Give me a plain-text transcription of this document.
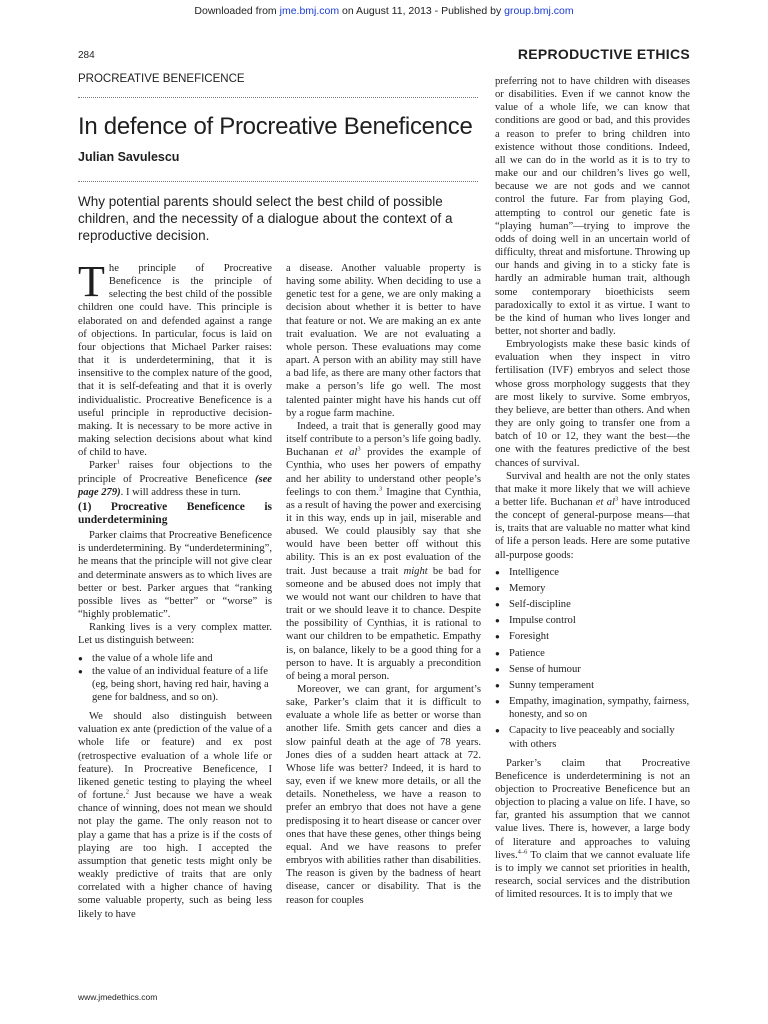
Downloaded from jme.bmj.com on August 11, 2013 - Published by group.bmj.com
284	REPRODUCTIVE ETHICS
PROCREATIVE BENEFICENCE
In defence of Procreative Beneficence
Julian Savulescu
Why potential parents should select the best child of possible children, and the necessity of a dialogue about the context of a reproductive decision.

The principle of Procreative Beneficence is the principle of selecting the best child of the possible children one could have. This principle is elaborated on and defended against a range of objections. In particular, focus is laid on four objections that Michael Parker raises: that it is underdetermining, that it is insensitive to the complex nature of the good, that it is self-defeating and that it is overly individualistic. Procreative Beneficence is a useful principle in reproductive decision-making. It is necessary to be more active in making selection decisions about what kind of child to have.

Parker$^1$ raises four objections to the principle of Procreative Beneficence (see page 279). I will address these in turn.

(1) Procreative Beneficence is underdetermining

Parker claims that Procreative Beneficence is underdetermining. By “underdetermining”, he means that the principle will not give clear and determinate answers as to which lives are better or best. Parker argues that “ranking possible lives as “better” or “worse” is “highly problematic”.

Ranking lives is a very complex matter. Let us distinguish between:

● the value of a whole life and
● the value of an individual feature of a life (eg, being short, having red hair, having a gene for baldness, and so on).

We should also distinguish between valuation ex ante (prediction of the value of a whole life or feature) and ex post (retrospective evaluation of a whole life or feature). In Procreative Beneficence, I likened genetic testing to playing the wheel of fortune.$^2$ Just because we have a weak chance of winning, does not mean we should not play the game. The only reason not to play a game that has a prize is if the costs of playing are too high. I accepted the assumption that genetic tests might only be weakly predictive of traits that are only correlated with a higher chance of having some valuable property, such as being less likely to have

a disease. Another valuable property is having some ability. When deciding to use a genetic test for a gene, we are only making a decision about whether it is better to have that feature or not. We are making an ex ante trait evaluation. We are not evaluating a whole person. These evaluations may come apart. A person with an ability may still have a bad life, as there are many other factors that make a person’s life go well. The most talented painter might have his hands cut off by a rogue farm machine.

Indeed, a trait that is generally good may itself contribute to a person’s life going badly. Buchanan et $al^3$ provides the example of Cynthia, who uses her powers of empathy and her ability to understand other people’s feelings to con them.$^3$ Imagine that Cynthia, as a result of having the power and exercising it in this way, ends up in jail, miserable and abused. We could plausibly say that she would have been better off without this ability. This is an ex post evaluation of the trait. Just because a trait might be bad for someone and be abused does not imply that we would not want our children to have that trait or we should leave it to chance. Despite the possibility of Cynthias, it is rational to want our children to be empathetic. Empathy is, on balance, likely to be a good thing for a person to have. It is arguably a precondition of being a moral person.

Moreover, we can grant, for argument’s sake, Parker’s claim that it is difficult to evaluate a whole life as better or worse than another life. Smith gets cancer and dies a slow painful death at the age of 78 years. Jones dies of a sudden heart attack at 72. Whose life was better? Indeed, it is hard to say, even if we knew more details, or all the details. Nonetheless, we have a reason to prefer an embryo that does not have a gene predisposing it to heart disease or cancer over ones that have these genes, other things being equal. And we have reasons to prefer embryos with abilities rather than disabilities. The reason is given by the badness of heart disease, cancer or disability. That is the reason for couples

preferring not to have children with diseases or disabilities. Even if we cannot know the value of a whole life, we can know that conditions are good or bad, and this provides a reason to prefer to bring children into existence without those conditions. Indeed, all we can do in the world as it is to try to make our and our children’s lives go well, because we are not gods and we cannot control the future. Far from playing God, attempting to control our genetic fate is “playing human”—trying to improve the odds of doing well in an uncertain world of difficulty, threat and misfortune. Throwing up our hands and giving in to a sticky fate is hardly an admirable human trait, although some contemporary bioethicists seem paradoxically to extol it as virtue. I want to be the kind of human who lives longer and better, not shorter and badly.

Embryologists make these basic kinds of evaluation when they inspect in vitro fertilisation (IVF) embryos and select those whose gross morphology suggests that they are most likely to survive. Some embryos, they believe, are better than others. And when they are only going to transfer one from a batch of 10 or 12, they want the best—the one with the features predictive of the best chances of survival.

Survival and health are not the only states that make it more likely that we will achieve a better life. Buchanan et $al^3$ have introduced the concept of general-purpose means—that is, traits that are valuable no matter what kind of life a person leads. Here are some putative all-purpose goods:

● Intelligence
● Memory
● Self-discipline
● Impulse control
● Foresight
● Patience
● Sense of humour
● Sunny temperament
● Empathy, imagination, sympathy, fairness, honesty, and so on
● Capacity to live peaceably and socially with others

Parker’s claim that Procreative Beneficence is underdetermining is not an objection to Procreative Beneficence but an objection to placing a value on life. I have, so far, granted his assumption that we cannot value lives. There is, however, a large body of literature and approaches to valuing lives.$^{4-6}$ To claim that we cannot evaluate life is to imply we cannot set priorities in health, research, social services and the distribution of limited resources. It is to imply that we

www.jmedethics.com
